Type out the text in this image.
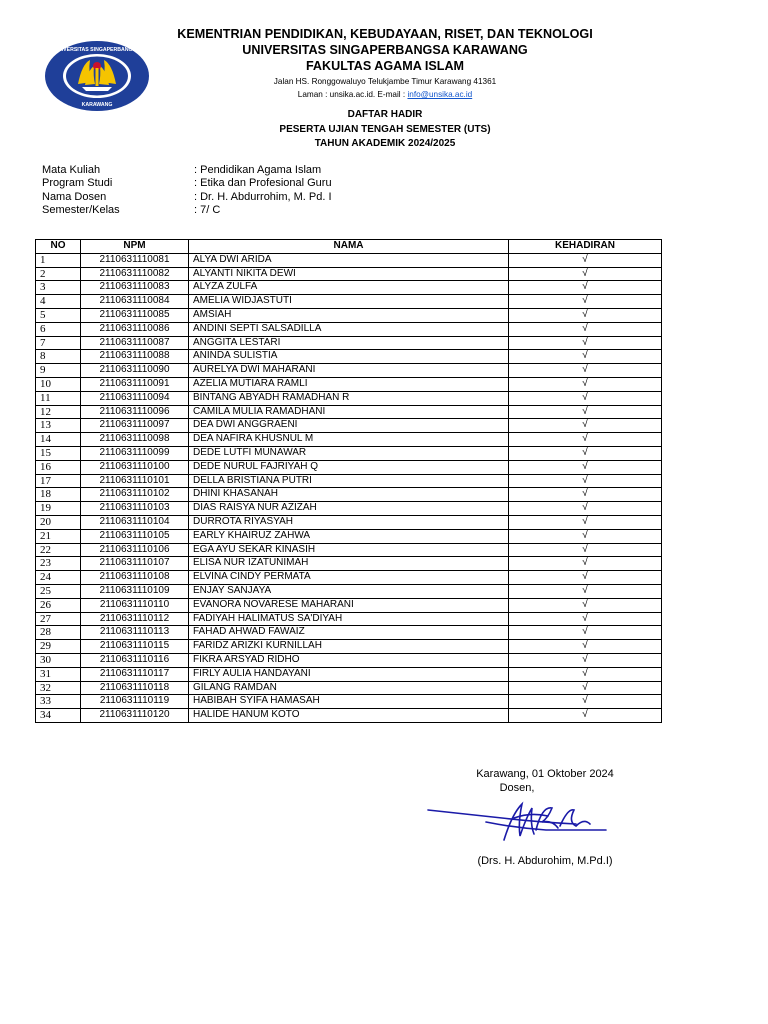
UNIVERSITAS SINGAPERBANGSA
KARAWANG
KEMENTRIAN PENDIDIKAN, KEBUDAYAAN, RISET, DAN TEKNOLOGI
UNIVERSITAS SINGAPERBANGSA KARAWANG
FAKULTAS AGAMA ISLAM
Jalan HS. Ronggowaluyo Telukjambe Timur Karawang 41361
Laman : unsika.ac.id. E-mail : info@unsika.ac.id
DAFTAR HADIR
PESERTA UJIAN TENGAH SEMESTER (UTS)
TAHUN AKADEMIK 2024/2025
Mata Kuliah	: Pendidikan Agama Islam
Program Studi	: Etika dan Profesional Guru
Nama Dosen	: Dr. H. Abdurrohim, M. Pd. I
Semester/Kelas	: 7/ C
NO	NPM	NAMA	KEHADIRAN
1	2110631110081	ALYA DWI ARIDA	√
2	2110631110082	ALYANTI NIKITA DEWI	√
3	2110631110083	ALYZA ZULFA	√
4	2110631110084	AMELIA WIDJASTUTI	√
5	2110631110085	AMSIAH	√
6	2110631110086	ANDINI SEPTI SALSADILLA	√
7	2110631110087	ANGGITA LESTARI	√
8	2110631110088	ANINDA SULISTIA	√
9	2110631110090	AURELYA DWI MAHARANI	√
10	2110631110091	AZELIA MUTIARA RAMLI	√
11	2110631110094	BINTANG ABYADH RAMADHAN R	√
12	2110631110096	CAMILA MULIA RAMADHANI	√
13	2110631110097	DEA DWI ANGGRAENI	√
14	2110631110098	DEA NAFIRA KHUSNUL M	√
15	2110631110099	DEDE LUTFI MUNAWAR	√
16	2110631110100	DEDE NURUL FAJRIYAH Q	√
17	2110631110101	DELLA BRISTIANA PUTRI	√
18	2110631110102	DHINI KHASANAH	√
19	2110631110103	DIAS RAISYA NUR AZIZAH	√
20	2110631110104	DURROTA RIYASYAH	√
21	2110631110105	EARLY KHAIRUZ ZAHWA	√
22	2110631110106	EGA AYU SEKAR KINASIH	√
23	2110631110107	ELISA NUR IZATUNIMAH	√
24	2110631110108	ELVINA CINDY PERMATA	√
25	2110631110109	ENJAY SANJAYA	√
26	2110631110110	EVANORA NOVARESE MAHARANI	√
27	2110631110112	FADIYAH HALIMATUS SA'DIYAH	√
28	2110631110113	FAHAD AHWAD FAWAIZ	√
29	2110631110115	FARIDZ ARIZKI KURNILLAH	√
30	2110631110116	FIKRA ARSYAD RIDHO	√
31	2110631110117	FIRLY AULIA HANDAYANI	√
32	2110631110118	GILANG RAMDAN	√
33	2110631110119	HABIBAH SYIFA HAMASAH	√
34	2110631110120	HALIDE HANUM KOTO	√
Karawang, 01 Oktober 2024
Dosen,
(Drs. H. Abdurohim, M.Pd.I)
